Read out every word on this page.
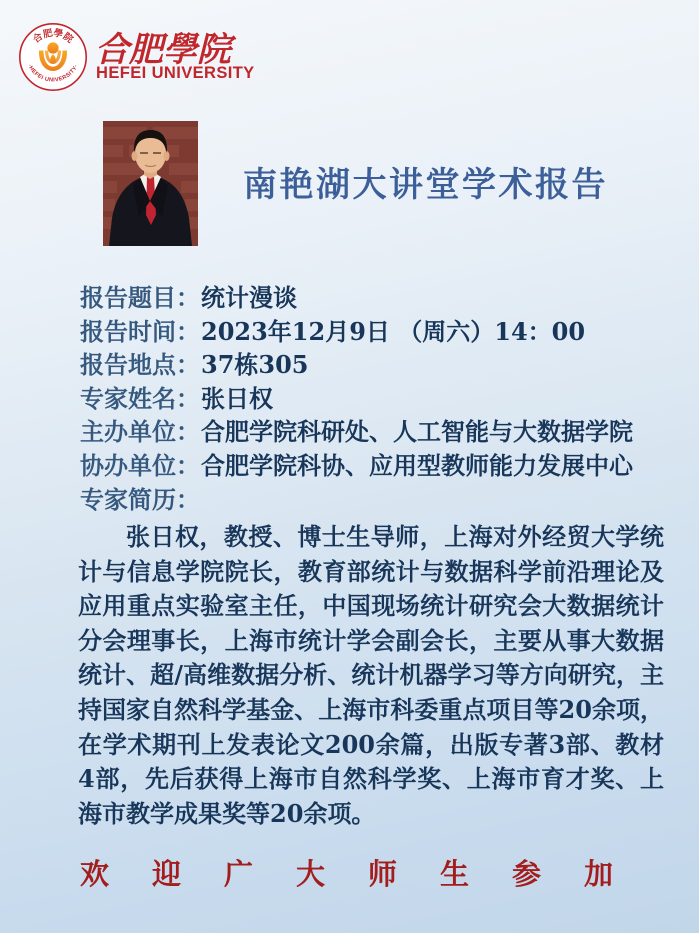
合肥學院
·HEFEI UNIVERSITY· 合肥學院
HEFEI UNIVERSITY
南艳湖大讲堂学术报告
报告题目： 统计漫谈
报告时间： 2023年12月9日 （周六）14：00
报告地点： 37栋305
专家姓名： 张日权
主办单位： 合肥学院科研处、人工智能与大数据学院
协办单位： 合肥学院科协、应用型教师能力发展中心
专家简历：

张日权，教授、博士生导师，上海对外经贸大学统计与信息学院院长，教育部统计与数据科学前沿理论及应用重点实验室主任，中国现场统计研究会大数据统计分会理事长，上海市统计学会副会长，主要从事大数据统计、超/高维数据分析、统计机器学习等方向研究，主持国家自然科学基金、上海市科委重点项目等20余项，在学术期刊上发表论文200余篇，出版专著3部、教材4部，先后获得上海市自然科学奖、上海市育才奖、上海市教学成果奖等20余项。

欢迎广大师生参加
